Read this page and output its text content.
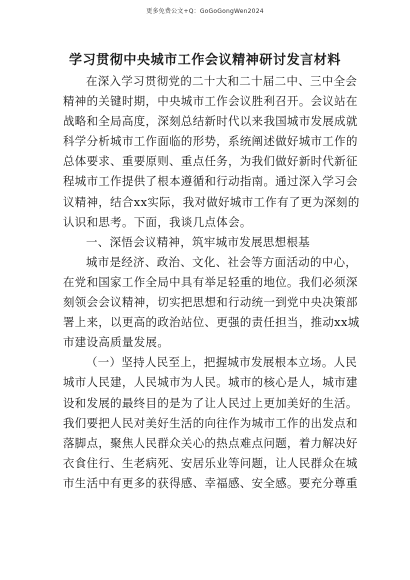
更多免费公文+Q：GoGoGongWen2024
学习贯彻中央城市工作会议精神研讨发言材料
在深入学习贯彻党的二十大和二十届二中、三中全会
精神的关键时期，中央城市工作会议胜利召开。会议站在
战略和全局高度，深刻总结新时代以来我国城市发展成就
科学分析城市工作面临的形势，系统阐述做好城市工作的
总体要求、重要原则、重点任务，为我们做好新时代新征
程城市工作提供了根本遵循和行动指南。通过深入学习会
议精神，结合xx实际，我对做好城市工作有了更为深刻的
认识和思考。下面，我谈几点体会。
一、深悟会议精神，筑牢城市发展思想根基
城市是经济、政治、文化、社会等方面活动的中心，
在党和国家工作全局中具有举足轻重的地位。我们必须深
刻领会会议精神，切实把思想和行动统一到党中央决策部
署上来，以更高的政治站位、更强的责任担当，推动xx城
市建设高质量发展。
（一）坚持人民至上，把握城市发展根本立场。人民
城市人民建，人民城市为人民。城市的核心是人，城市建
设和发展的最终目的是为了让人民过上更加美好的生活。
我们要把人民对美好生活的向往作为城市工作的出发点和
落脚点，聚焦人民群众关心的热点难点问题，着力解决好
衣食住行、生老病死、安居乐业等问题，让人民群众在城
市生活中有更多的获得感、幸福感、安全感。要充分尊重
